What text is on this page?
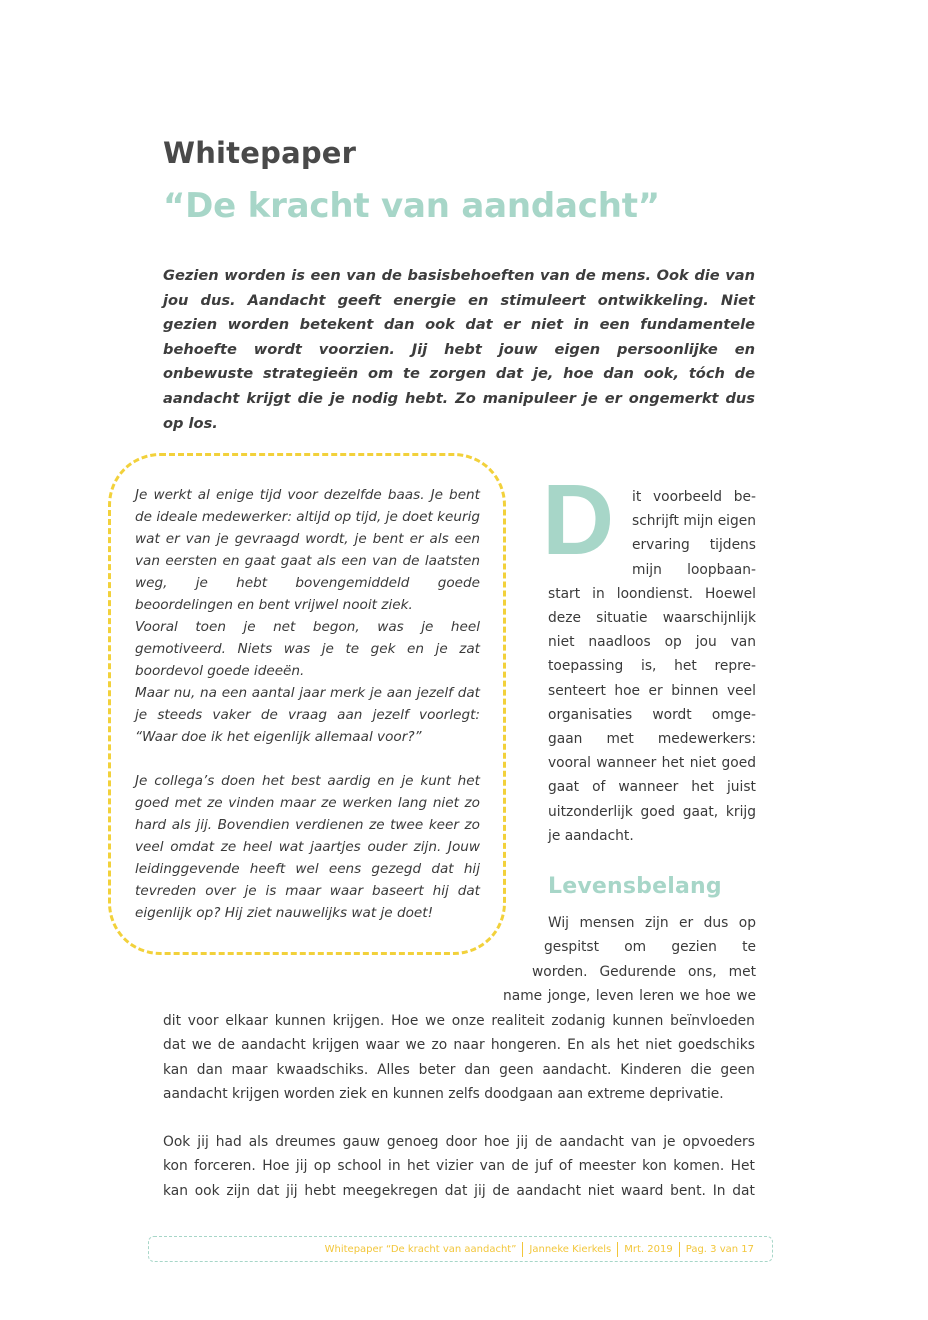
Whitepaper
“De kracht van aandacht”

Gezien worden is een van de basisbehoeften van de mens. Ook die van jou dus. Aandacht geeft energie en stimuleert ontwikkeling. Niet gezien worden betekent dan ook dat er niet in een fundamentele behoefte wordt voorzien. Jij hebt jouw eigen persoonlijke en onbewuste strategieën om te zorgen dat je, hoe dan ook, tóch de aandacht krijgt die je nodig hebt. Zo manipuleer je er ongemerkt dus op los.

Je werkt al enige tijd voor dezelfde baas. Je bent de ideale medewerker: altijd op tijd, je doet keurig wat er van je gevraagd wordt, je bent er als een van eersten en gaat gaat als een van de laatsten weg, je hebt bovengemiddeld goede beoordelingen en bent vrijwel nooit ziek.

Vooral toen je net begon, was je heel gemotiveerd. Niets was je te gek en je zat boordevol goede ideeën.

Maar nu, na een aantal jaar merk je aan jezelf dat je steeds vaker de vraag aan jezelf voorlegt: “Waar doe ik het eigenlijk allemaal voor?”

Je collega’s doen het best aardig en je kunt het goed met ze vinden maar ze werken lang niet zo hard als jij. Bovendien verdienen ze twee keer zo veel omdat ze heel wat jaartjes ouder zijn. Jouw leidinggevende heeft wel eens gezegd dat hij tevreden over je is maar waar baseert hij dat eigenlijk op? Hij ziet nauwelijks wat je doet!

D
Levensbelang
Whitepaper “De kracht van aandacht” Janneke Kierkels Mrt. 2019 Pag. 3 van 17
it voorbeeld be-
schrijft mijn eigen
ervaring tijdens
mijn loopbaan-
start in loondienst. Hoewel
deze situatie waarschijnlijk
niet naadloos op jou van
toepassing is, het repre-
senteert hoe er binnen veel
organisaties wordt omge-
gaan met medewerkers:
vooral wanneer het niet goed
gaat of wanneer het juist
uitzonderlijk goed gaat, krijg
je aandacht.
Wij mensen zijn er dus op
gespitst om gezien te
worden. Gedurende ons, met
name jonge, leven leren we hoe we
dit voor elkaar kunnen krijgen. Hoe we onze realiteit zodanig kunnen beïnvloeden
dat we de aandacht krijgen waar we zo naar hongeren. En als het niet goedschiks
kan dan maar kwaadschiks. Alles beter dan geen aandacht. Kinderen die geen
aandacht krijgen worden ziek en kunnen zelfs doodgaan aan extreme deprivatie.
Ook jij had als dreumes gauw genoeg door hoe jij de aandacht van je opvoeders
kon forceren. Hoe jij op school in het vizier van de juf of meester kon komen. Het
kan ook zijn dat jij hebt meegekregen dat jij de aandacht niet waard bent. In dat
